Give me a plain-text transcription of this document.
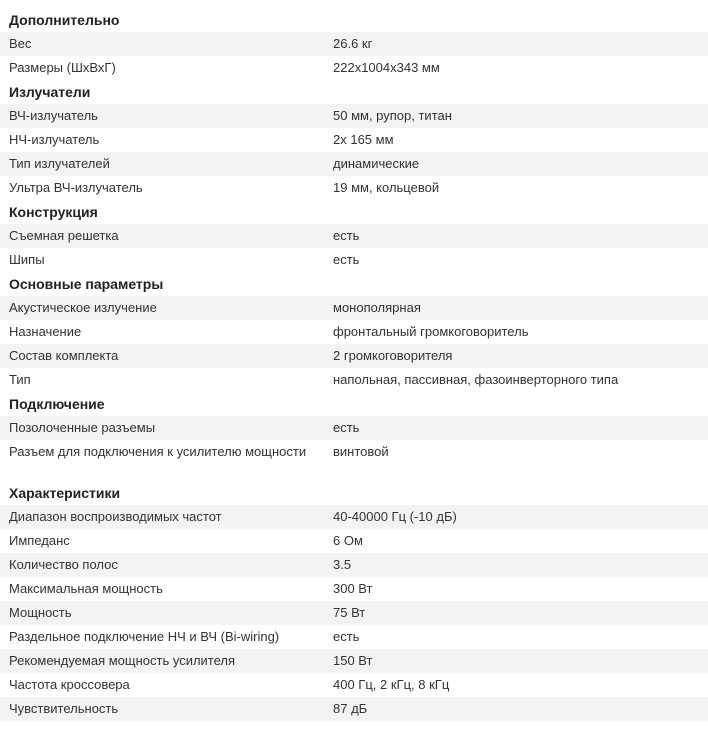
Дополнительно
Вес	26.6 кг
Размеры (ШхВхГ)	222x1004x343 мм
Излучатели
ВЧ-излучатель	50 мм, рупор, титан
НЧ-излучатель	2х 165 мм
Тип излучателей	динамические
Ультра ВЧ-излучатель	19 мм, кольцевой
Конструкция
Съемная решетка	есть
Шипы	есть
Основные параметры
Акустическое излучение	монополярная
Назначение	фронтальный громкоговоритель
Состав комплекта	2 громкоговорителя
Тип	напольная, пассивная, фазоинверторного типа
Подключение
Позолоченные разъемы	есть
Разъем для подключения к усилителю мощности	винтовой
Характеристики
Диапазон воспроизводимых частот	40-40000 Гц (-10 дБ)
Импеданс	6 Ом
Количество полос	3.5
Максимальная мощность	300 Вт
Мощность	75 Вт
Раздельное подключение НЧ и ВЧ (Bi-wiring)	есть
Рекомендуемая мощность усилителя	150 Вт
Частота кроссовера	400 Гц, 2 кГц, 8 кГц
Чувствительность	87 дБ
